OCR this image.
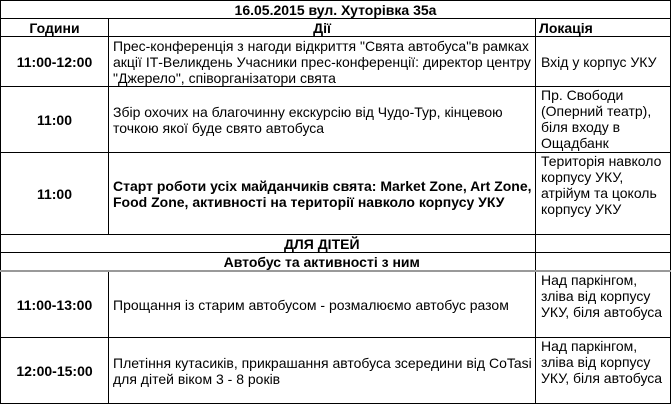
16.05.2015 вул. Хуторівка 35а		
Години	Дії	Локація
11:00-12:00	Прес-конференція з нагоди відкриття "Свята автобуса"в рамках акції ІТ-Великдень Учасники прес-конференції: директор центру "Джерело", співорганізатори свята	Вхід у корпус УКУ
11:00	Збір охочих на благочинну екскурсію від Чудо-Тур, кінцевою точкою якої буде свято автобуса	Пр. Свободи (Оперний театр), біля входу в Ощадбанк
11:00	Старт роботи усіх майданчиків свята: Market Zone, Art Zone, Food Zone, активності на території навколо корпусу УКУ	Територія навколо корпусу УКУ, атрійум та цоколь корпусу УКУ
	ДЛЯ ДІТЕЙ	
	Автобус та активності з ним	
11:00-13:00	Прощання із старим автобусом - розмалюємо автобус разом	Над паркінгом, зліва від корпусу УКУ, біля автобуса
12:00-15:00	Плетіння кутасиків, прикрашання автобуса зсередини від CoTasi для дітей віком 3 - 8 років	Над паркінгом, зліва від корпусу УКУ, біля автобуса
